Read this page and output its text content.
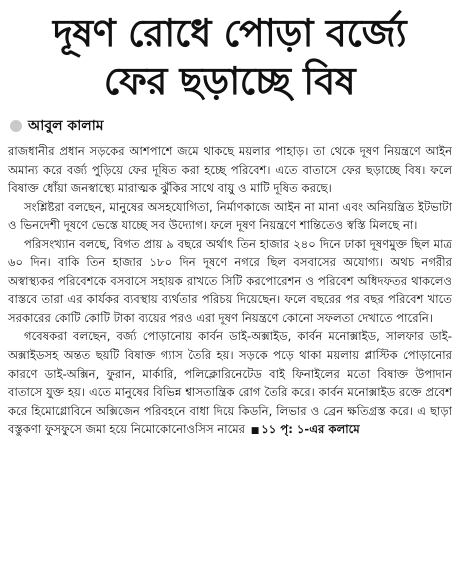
দূষণ রোধে পোড়া বর্জ্যে
ফের ছড়াচ্ছে বিষ
আবুল কালাম

রাজধানীর প্রধান সড়কের আশপাশে জমে থাকছে ময়লার পাহাড়। তা থেকে দূষণ নিয়ন্ত্রণে আইন অমান্য করে বর্জ্য পুড়িয়ে ফের দূষিত করা হচ্ছে পরিবেশ। এতে বাতাসে ফের ছড়াচ্ছে বিষ। ফলে বিষাক্ত ধোঁয়া জনস্বাস্থ্যে মারাত্মক ঝুঁকির সাথে বায়ু ও মাটি দূষিত করছে।

সংশ্লিষ্টরা বলছেন, মানুষের অসহযোগিতা, নির্মাণকাজে আইন না মানা এবং অনিয়ন্ত্রিত ইটভাটা ও ভিনদেশী দূষণে ভেস্তে যাচ্ছে সব উদ্যোগ। ফলে দূষণ নিয়ন্ত্রণে শান্তিতেও স্বস্তি মিলছে না।

পরিসংখ্যান বলছে, বিগত প্রায় ৯ বছরে অর্থাৎ তিন হাজার ২৪০ দিনে ঢাকা দূষণমুক্ত ছিল মাত্র ৬০ দিন। বাকি তিন হাজার ১৮০ দিন দূষণে নগরে ছিল বসবাসের অযোগ্য। অথচ নগরীর অস্বাস্থ্যকর পরিবেশকে বসবাসে সহায়ক রাখতে সিটি করপোরেশন ও পরিবেশ অধিদফতর থাকলেও বাস্তবে তারা এর কার্যকর ব্যবস্থায় ব্যর্থতার পরিচয় দিয়েছেন। ফলে বছরের পর বছর পরিবেশ খাতে সরকারের কোটি কোটি টাকা ব্যয়ের পরও এরা দূষণ নিয়ন্ত্রণে কোনো সফলতা দেখাতে পারেনি।

গবেষকরা বলছেন, বর্জ্য পোড়ানোয় কার্বন ডাই-অক্সাইড, কার্বন মনোক্সাইড, সালফার ডাই-অক্সাইডসহ অন্তত ছয়টি বিষাক্ত গ্যাস তৈরি হয়। সড়কে পড়ে থাকা ময়লায় প্লাস্টিক পোড়ানোর কারণে ডাই-অক্সিন, ফুরান, মার্কারি, পলিক্লোরিনেটেড বাই ফিনাইলের মতো বিষাক্ত উপাদান বাতাসে যুক্ত হয়। এতে মানুষের বিভিন্ন শ্বাসতান্ত্রিক রোগ তৈরি করে। কার্বন মনোক্সাইড রক্তে প্রবেশ করে হিমোগ্লোবিনে অক্সিজেন পরিবহনে বাধা দিয়ে কিডনি, লিভার ও ব্রেন ক্ষতিগ্রস্ত করে। এ ছাড়া বস্তুকণা ফুসফুসে জমা হয়ে নিমোকোনোওসিস নামের ■ ১১ পৃ: ১-এর কলামে
